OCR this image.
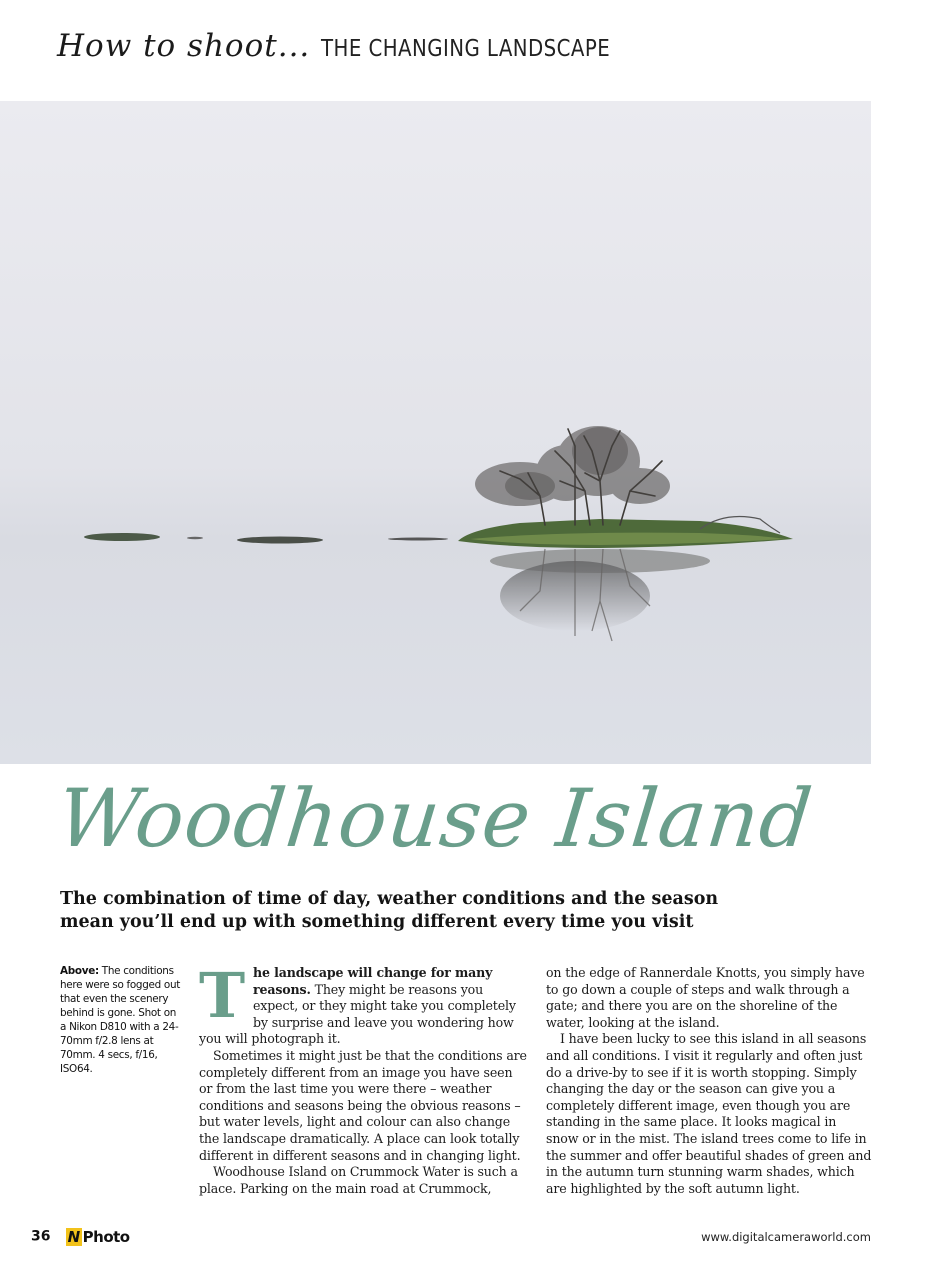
How to shoot... THE CHANGING LANDSCAPE
Woodhouse Island
The combination of time of day, weather conditions and the season mean you’ll end up with something different every time you visit
Above: The conditions here were so fogged out that even the scenery behind is gone. Shot on a Nikon D810 with a 24-70mm f/2.8 lens at 70mm. 4 secs, f/16, ISO64.

The landscape will change for many reasons. They might be reasons you expect, or they might take you completely by surprise and leave you wondering how you will photograph it.

Sometimes it might just be that the conditions are completely different from an image you have seen or from the last time you were there – weather conditions and seasons being the obvious reasons – but water levels, light and colour can also change the landscape dramatically. A place can look totally different in different seasons and in changing light.

Woodhouse Island on Crummock Water is such a place. Parking on the main road at Crummock,

on the edge of Rannerdale Knotts, you simply have to go down a couple of steps and walk through a gate; and there you are on the shoreline of the water, looking at the island.

I have been lucky to see this island in all seasons and all conditions. I visit it regularly and often just do a drive-by to see if it is worth stopping. Simply changing the day or the season can give you a completely different image, even though you are standing in the same place. It looks magical in snow or in the mist. The island trees come to life in the summer and offer beautiful shades of green and in the autumn turn stunning warm shades, which are highlighted by the soft autumn light.

36 N Photo	www.digitalcameraworld.com
